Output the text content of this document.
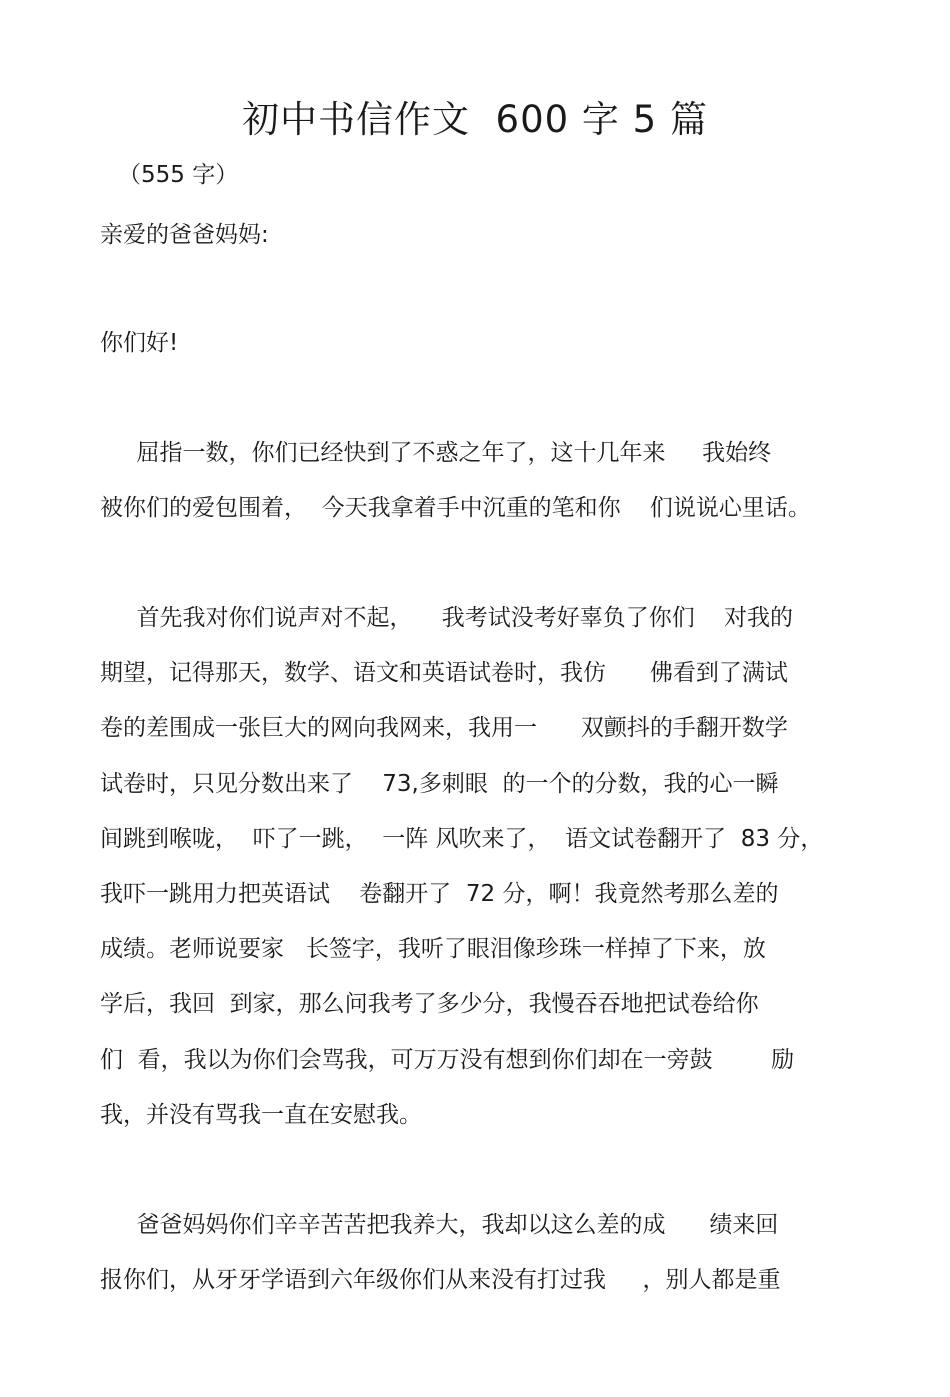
初中书信作文  600 字 5 篇
（555 字）
亲爱的爸爸妈妈:
你们好!
屈指一数，你们已经快到了不惑之年了，这十几年来     我始终
被你们的爱包围着，  今天我拿着手中沉重的笔和你    们说说心里话。
首先我对你们说声对不起，    我考试没考好辜负了你们    对我的
期望，记得那天，数学、语文和英语试卷时，我仿      佛看到了满试
卷的差围成一张巨大的网向我网来，我用一      双颤抖的手翻开数学
试卷时，只见分数出来了    73,多刺眼  的一个的分数，我的心一瞬
间跳到喉咙，  吓了一跳，  一阵 风吹来了，  语文试卷翻开了  83 分，
我吓一跳用力把英语试    卷翻开了  72 分，啊！我竟然考那么差的
成绩。老师说要家   长签字，我听了眼泪像珍珠一样掉了下来，放
学后，我回  到家，那么问我考了多少分，我慢吞吞地把试卷给你
们  看，我以为你们会骂我，可万万没有想到你们却在一旁鼓        励
我，并没有骂我一直在安慰我。
爸爸妈妈你们辛辛苦苦把我养大，我却以这么差的成      绩来回
报你们，从牙牙学语到六年级你们从来没有打过我     ，别人都是重
